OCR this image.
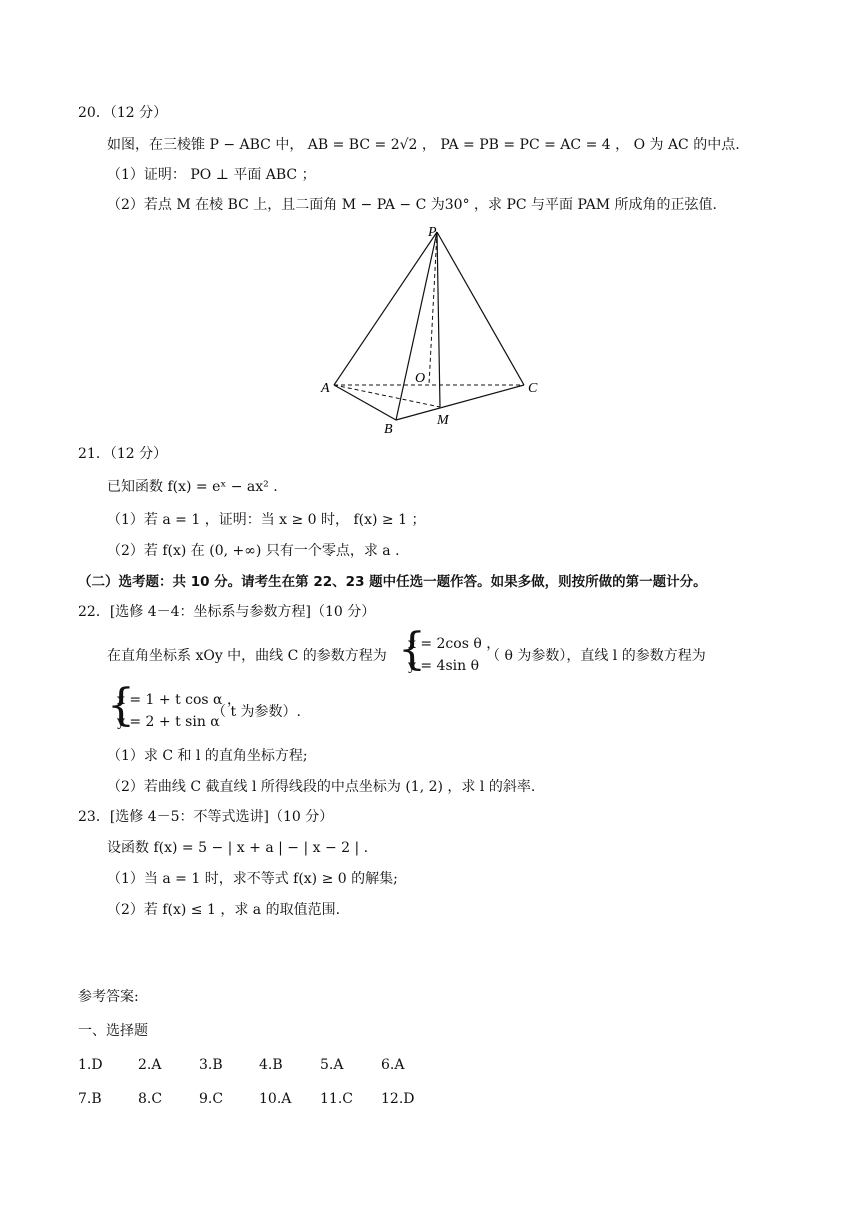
20．（12 分）
如图，在三棱锥 P − ABC 中， AB = BC = 2√2 ， PA = PB = PC = AC = 4 ， O 为 AC 的中点.
（1）证明： PO ⊥ 平面 ABC ；
（2）若点 M 在棱 BC 上，且二面角 M − PA − C 为30° ，求 PC 与平面 PAM 所成角的正弦值.
P
A
B
C
O
M
21．（12 分）
已知函数 f(x) = eˣ − ax² .
（1）若 a = 1 ，证明：当 x ≥ 0 时， f(x) ≥ 1 ；
（2）若 f(x) 在 (0, +∞) 只有一个零点，求 a .
（二）选考题：共 10 分。请考生在第 22、23 题中任选一题作答。如果多做，则按所做的第一题计分。
22．[选修 4－4：坐标系与参数方程]（10 分）
在直角坐标系 xOy 中，曲线 C 的参数方程为 {
x = 2cos θ ，
y = 4sin θ
（ θ 为参数），直线 l 的参数方程为
{
x = 1 + t cos α ，
y = 2 + t sin α
（ t 为参数）.
（1）求 C 和 l 的直角坐标方程;
（2）若曲线 C 截直线 l 所得线段的中点坐标为 (1, 2) ，求 l 的斜率.
23．[选修 4－5：不等式选讲]（10 分）
设函数 f(x) = 5 − | x + a | − | x − 2 | .
（1）当 a = 1 时，求不等式 f(x) ≥ 0 的解集;
（2）若 f(x) ≤ 1 ，求 a 的取值范围.
参考答案:
一、选择题
1.D	2.A	3.B	4.B	5.A	6.A
7.B	8.C	9.C	10.A 11.C 12.D
